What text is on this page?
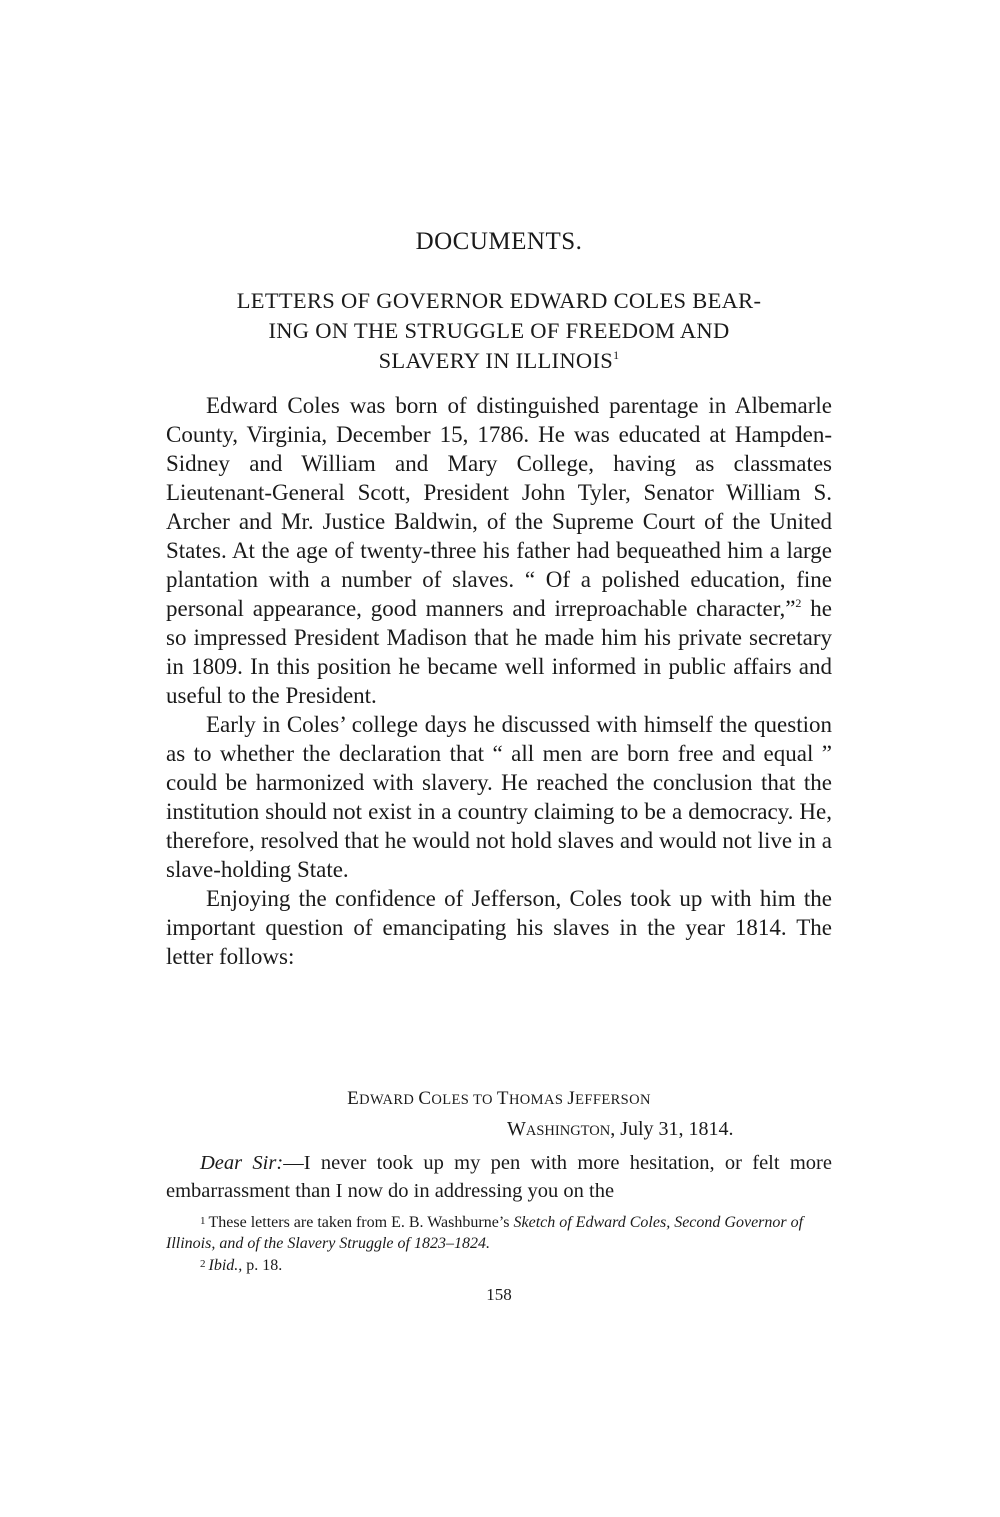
DOCUMENTS.
LETTERS OF GOVERNOR EDWARD COLES BEAR-
ING ON THE STRUGGLE OF FREEDOM AND
SLAVERY IN ILLINOIS$^1$

Edward Coles was born of distinguished parentage in Albemarle County, Virginia, December 15, 1786. He was educated at Hampden-Sidney and William and Mary College, having as classmates Lieutenant-General Scott, President John Tyler, Senator William S. Archer and Mr. Justice Baldwin, of the Supreme Court of the United States. At the age of twenty-three his father had bequeathed him a large plantation with a number of slaves. “ Of a polished education, fine personal appearance, good manners and irreproachable character,”$^2$ he so impressed President Madison that he made him his private secretary in 1809. In this position he became well informed in public affairs and useful to the President.

Early in Coles’ college days he discussed with himself the question as to whether the declaration that “ all men are born free and equal ” could be harmonized with slavery. He reached the conclusion that the institution should not exist in a country claiming to be a democracy. He, therefore, resolved that he would not hold slaves and would not live in a slave-holding State.

Enjoying the confidence of Jefferson, Coles took up with him the important question of emancipating his slaves in the year 1814. The letter follows:

EDWARD COLES TO THOMAS JEFFERSON
WASHINGTON, July 31, 1814.

Dear Sir:—I never took up my pen with more hesitation, or felt more embarrassment than I now do in addressing you on the

1 These letters are taken from E. B. Washburne’s Sketch of Edward Coles, Second Governor of Illinois, and of the Slavery Struggle of 1823–1824.

2 Ibid., p. 18.

158
